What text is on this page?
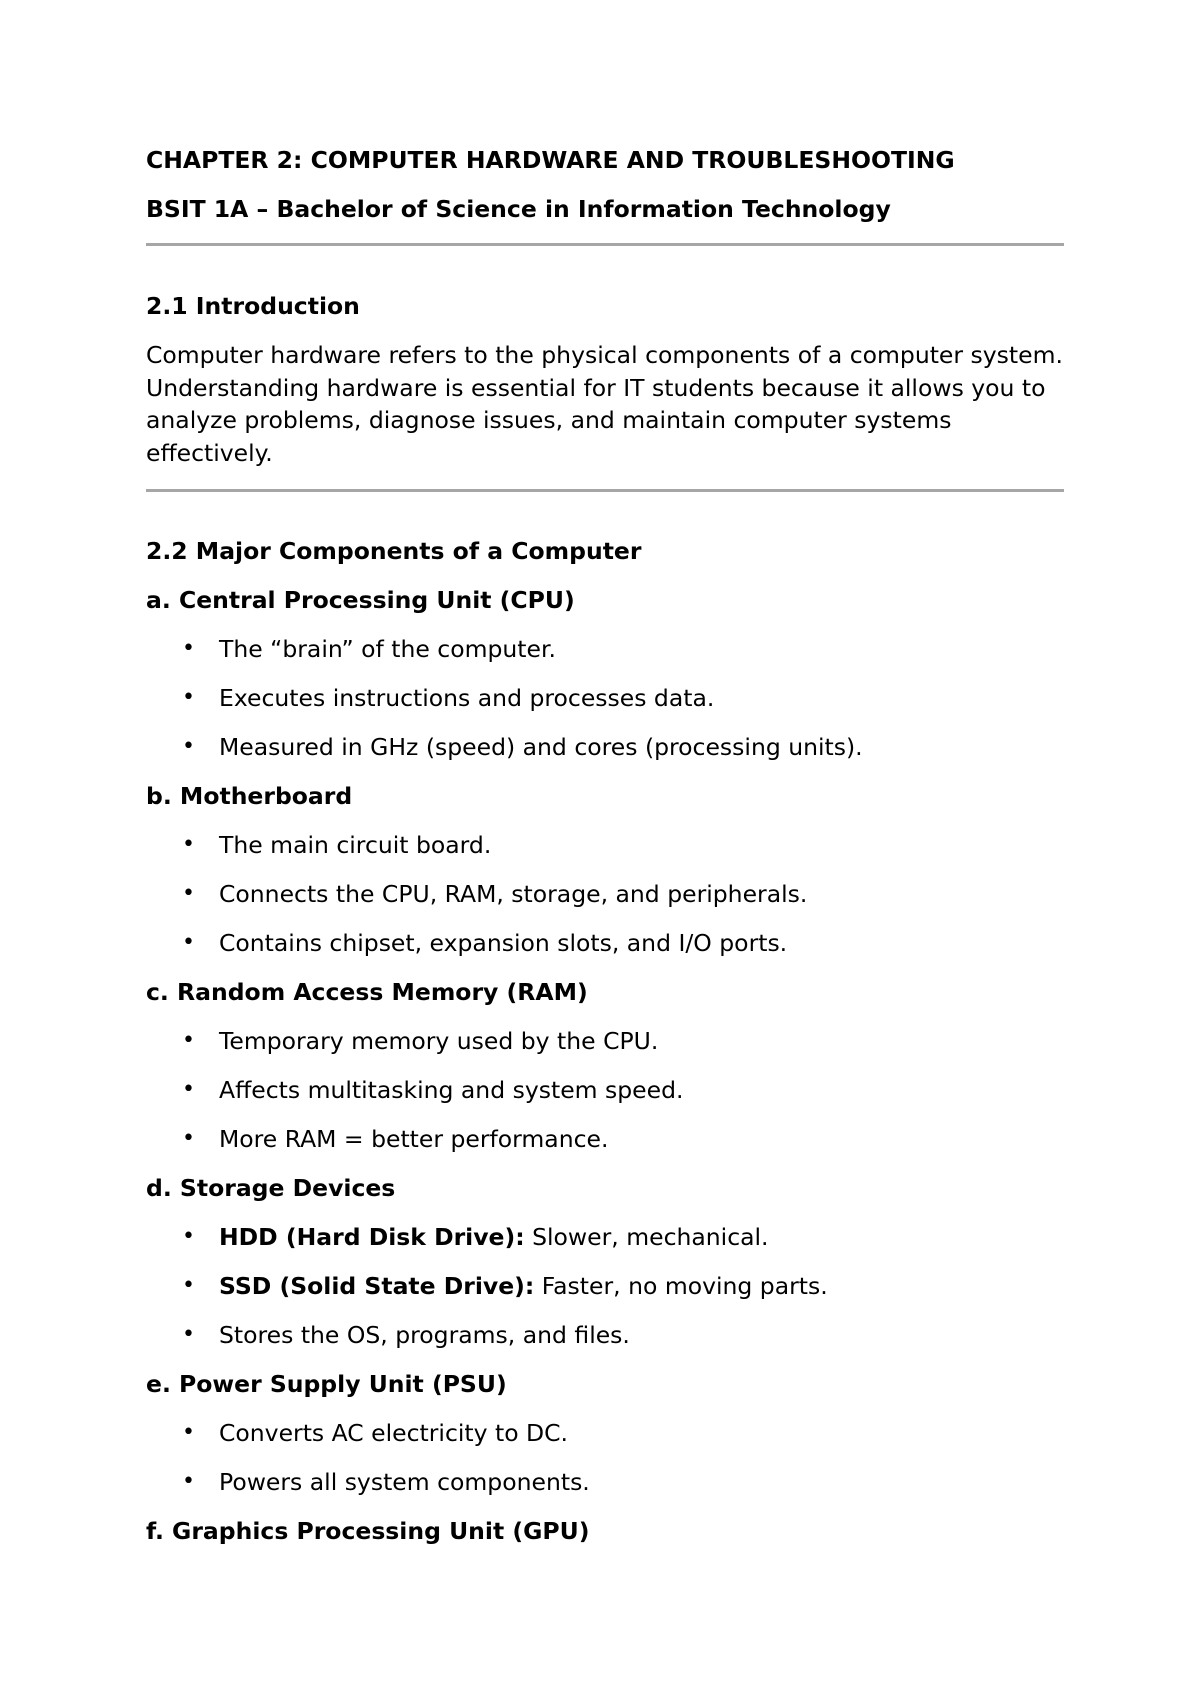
CHAPTER 2: COMPUTER HARDWARE AND TROUBLESHOOTING
BSIT 1A – Bachelor of Science in Information Technology
2.1 Introduction

Computer hardware refers to the physical components of a computer system. Understanding hardware is essential for IT students because it allows you to analyze problems, diagnose issues, and maintain computer systems effectively.

2.2 Major Components of a Computer
a. Central Processing Unit (CPU)
• The “brain” of the computer.
• Executes instructions and processes data.
• Measured in GHz (speed) and cores (processing units).
b. Motherboard
• The main circuit board.
• Connects the CPU, RAM, storage, and peripherals.
• Contains chipset, expansion slots, and I/O ports.
c. Random Access Memory (RAM)
• Temporary memory used by the CPU.
• Affects multitasking and system speed.
• More RAM = better performance.
d. Storage Devices
• HDD (Hard Disk Drive): Slower, mechanical.
• SSD (Solid State Drive): Faster, no moving parts.
• Stores the OS, programs, and files.
e. Power Supply Unit (PSU)
• Converts AC electricity to DC.
• Powers all system components.
f. Graphics Processing Unit (GPU)
